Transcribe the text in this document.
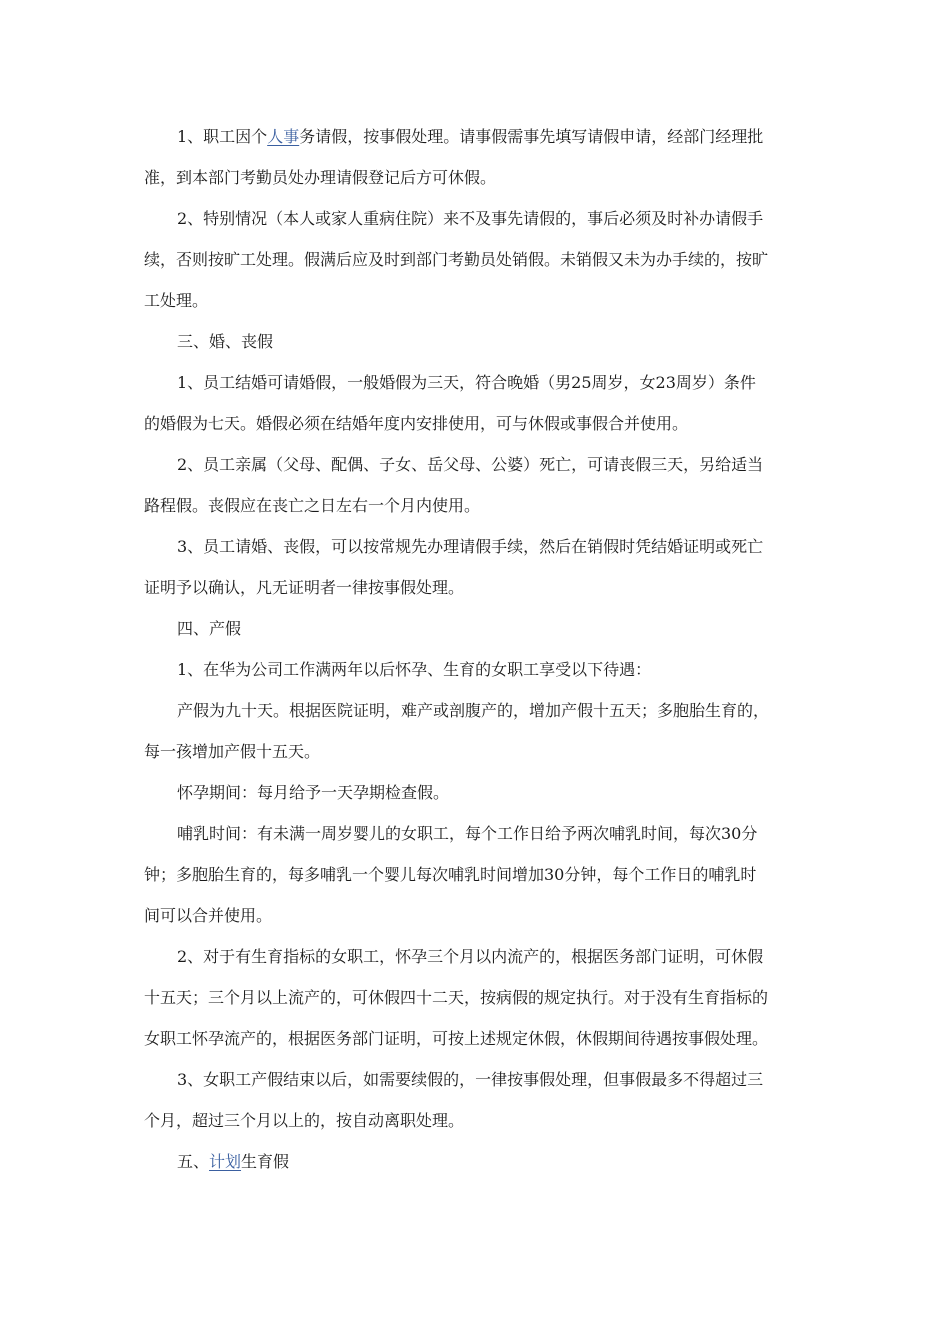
1、职工因个人事务请假，按事假处理。请事假需事先填写请假申请，经部门经理批
准，到本部门考勤员处办理请假登记后方可休假。
2、特别情况（本人或家人重病住院）来不及事先请假的，事后必须及时补办请假手
续，否则按旷工处理。假满后应及时到部门考勤员处销假。未销假又未为办手续的，按旷
工处理。
三、婚、丧假
1、员工结婚可请婚假，一般婚假为三天，符合晚婚（男25周岁，女23周岁）条件
的婚假为七天。婚假必须在结婚年度内安排使用，可与休假或事假合并使用。
2、员工亲属（父母、配偶、子女、岳父母、公婆）死亡，可请丧假三天，另给适当
路程假。丧假应在丧亡之日左右一个月内使用。
3、员工请婚、丧假，可以按常规先办理请假手续，然后在销假时凭结婚证明或死亡
证明予以确认，凡无证明者一律按事假处理。
四、产假
1、在华为公司工作满两年以后怀孕、生育的女职工享受以下待遇：
产假为九十天。根据医院证明，难产或剖腹产的，增加产假十五天；多胞胎生育的，
每一孩增加产假十五天。
怀孕期间：每月给予一天孕期检查假。
哺乳时间：有未满一周岁婴儿的女职工，每个工作日给予两次哺乳时间，每次30分
钟；多胞胎生育的，每多哺乳一个婴儿每次哺乳时间增加30分钟，每个工作日的哺乳时
间可以合并使用。
2、对于有生育指标的女职工，怀孕三个月以内流产的，根据医务部门证明，可休假
十五天；三个月以上流产的，可休假四十二天，按病假的规定执行。对于没有生育指标的
女职工怀孕流产的，根据医务部门证明，可按上述规定休假，休假期间待遇按事假处理。
3、女职工产假结束以后，如需要续假的，一律按事假处理，但事假最多不得超过三
个月，超过三个月以上的，按自动离职处理。
五、计划生育假
